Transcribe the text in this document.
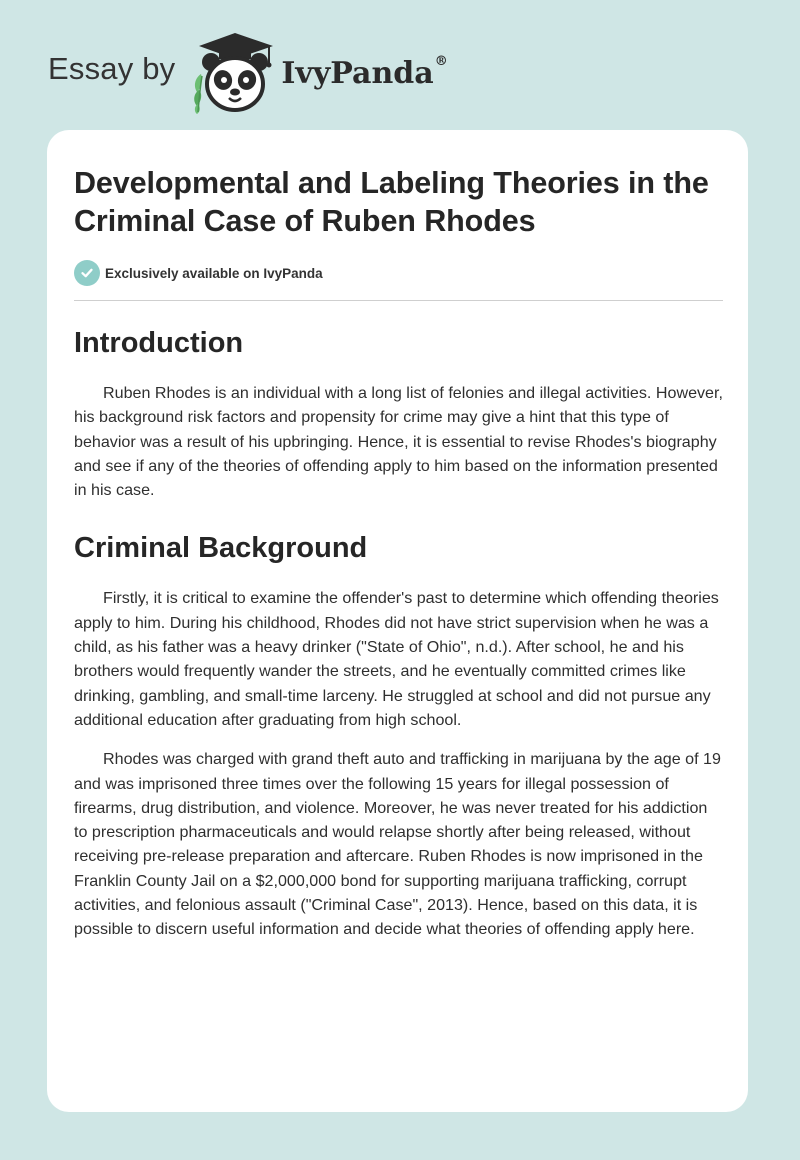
Essay by	IvyPanda®
Developmental and Labeling Theories in the Criminal Case of Ruben Rhodes
Exclusively available on IvyPanda
Introduction

Ruben Rhodes is an individual with a long list of felonies and illegal activities. However, his background risk factors and propensity for crime may give a hint that this type of behavior was a result of his upbringing. Hence, it is essential to revise Rhodes's biography and see if any of the theories of offending apply to him based on the information presented in his case.

Criminal Background

Firstly, it is critical to examine the offender's past to determine which offending theories apply to him. During his childhood, Rhodes did not have strict supervision when he was a child, as his father was a heavy drinker ("State of Ohio", n.d.). After school, he and his brothers would frequently wander the streets, and he eventually committed crimes like drinking, gambling, and small-time larceny. He struggled at school and did not pursue any additional education after graduating from high school.

Rhodes was charged with grand theft auto and trafficking in marijuana by the age of 19 and was imprisoned three times over the following 15 years for illegal possession of firearms, drug distribution, and violence. Moreover, he was never treated for his addiction to prescription pharmaceuticals and would relapse shortly after being released, without receiving pre-release preparation and aftercare. Ruben Rhodes is now imprisoned in the Franklin County Jail on a $2,000,000 bond for supporting marijuana trafficking, corrupt activities, and felonious assault ("Criminal Case", 2013). Hence, based on this data, it is possible to discern useful information and decide what theories of offending apply here.
